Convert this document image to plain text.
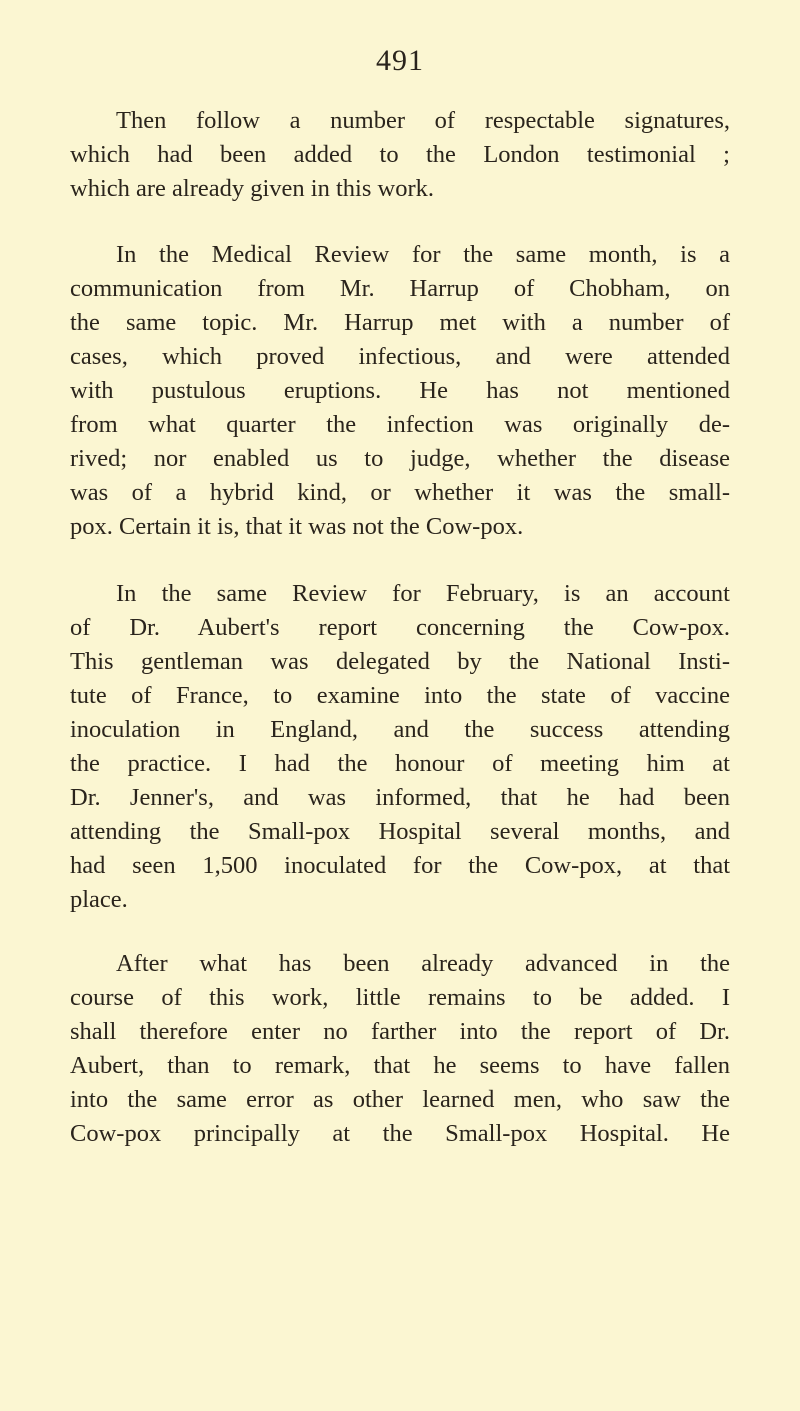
491
Then follow a number of respectable signatures,
which had been added to the London testimonial ;
which are already given in this work.
In the Medical Review for the same month, is a
communication from Mr. Harrup of Chobham, on
the same topic. Mr. Harrup met with a number of
cases, which proved infectious, and were attended
with pustulous eruptions. He has not mentioned
from what quarter the infection was originally de-
rived; nor enabled us to judge, whether the disease
was of a hybrid kind, or whether it was the small-
pox. Certain it is, that it was not the Cow-pox.
In the same Review for February, is an account
of Dr. Aubert's report concerning the Cow-pox.
This gentleman was delegated by the National Insti-
tute of France, to examine into the state of vaccine
inoculation in England, and the success attending
the practice. I had the honour of meeting him at
Dr. Jenner's, and was informed, that he had been
attending the Small-pox Hospital several months, and
had seen 1,500 inoculated for the Cow-pox, at that
place.
After what has been already advanced in the
course of this work, little remains to be added. I
shall therefore enter no farther into the report of Dr.
Aubert, than to remark, that he seems to have fallen
into the same error as other learned men, who saw the
Cow-pox principally at the Small-pox Hospital. He
